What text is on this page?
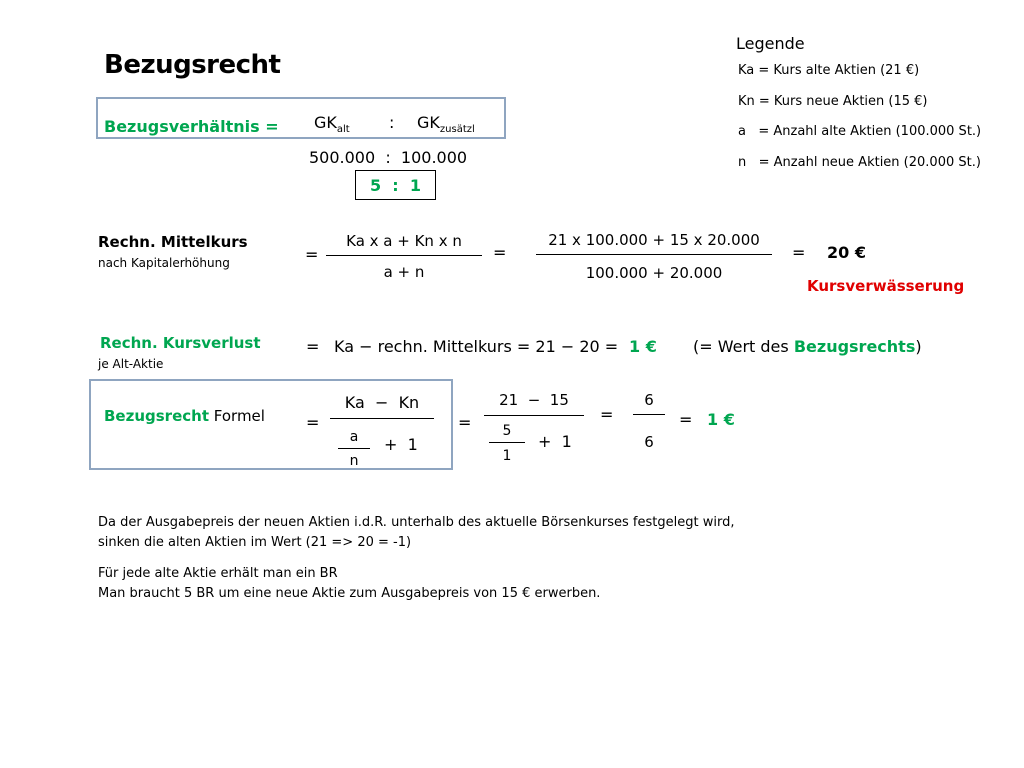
Bezugsrecht
Legende
Ka = Kurs alte Aktien (21 €)
Kn = Kurs neue Aktien (15 €)
a   = Anzahl alte Aktien (100.000 St.)
n   = Anzahl neue Aktien (20.000 St.)
Bezugsverhältnis = $GK_{alt}$ : $GK_{zusätzl}$
500.000  :  100.000
5  :  1
Rechn. Mittelkurs
nach Kapitalerhöhung	=
Ka x a + Kn x n
a + n
=
21 x 100.000 + 15 x 20.000
100.000 + 20.000
= 20 €
Kursverwässerung
Rechn. Kursverlust
je Alt-Aktie
= Ka − rechn. Mittelkurs = 21 − 20 = 1 € (= Wert des Bezugsrechts)
Bezugsrecht Formel	=
Ka  −  Kn
a
n
+  1
=
21  −  15
5
1
+  1
=
6
6
= 1 €
Da der Ausgabepreis der neuen Aktien i.d.R. unterhalb des aktuelle Börsenkurses festgelegt wird,
sinken die alten Aktien im Wert (21 => 20 = -1)
Für jede alte Aktie erhält man ein BR
Man braucht 5 BR um eine neue Aktie zum Ausgabepreis von 15 € erwerben.
